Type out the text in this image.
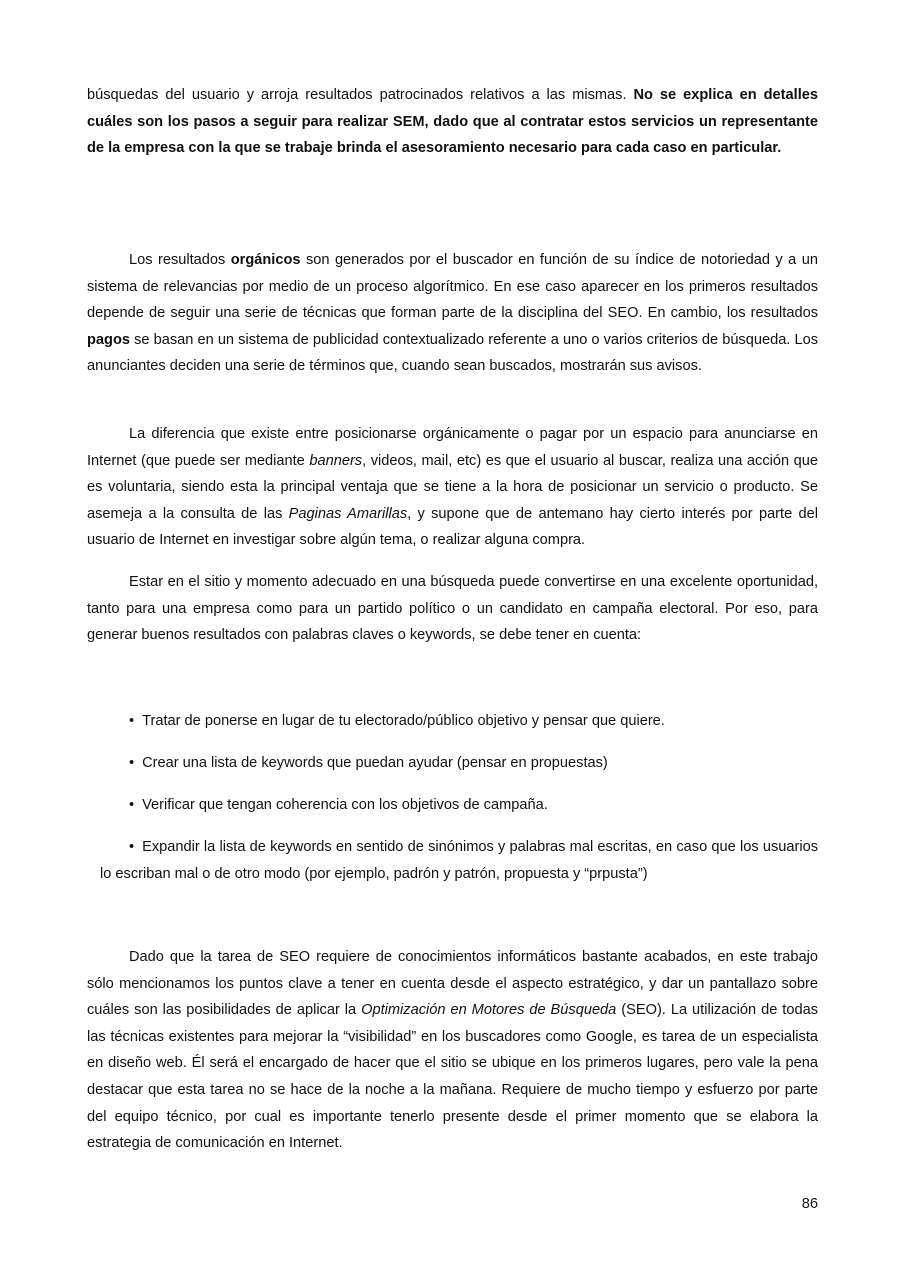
búsquedas del usuario y arroja resultados patrocinados relativos a las mismas. No se explica en detalles cuáles son los pasos a seguir para realizar SEM, dado que al contratar estos servicios un representante de la empresa con la que se trabaje brinda el asesoramiento necesario para cada caso en particular.

Los resultados orgánicos son generados por el buscador en función de su índice de notoriedad y a un sistema de relevancias por medio de un proceso algorítmico. En ese caso aparecer en los primeros resultados depende de seguir una serie de técnicas que forman parte de la disciplina del SEO. En cambio, los resultados pagos se basan en un sistema de publicidad contextualizado referente a uno o varios criterios de búsqueda. Los anunciantes deciden una serie de términos que, cuando sean buscados, mostrarán sus avisos.

La diferencia que existe entre posicionarse orgánicamente o pagar por un espacio para anunciarse en Internet (que puede ser mediante banners, videos, mail, etc) es que el usuario al buscar, realiza una acción que es voluntaria, siendo esta la principal ventaja que se tiene a la hora de posicionar un servicio o producto. Se asemeja a la consulta de las Paginas Amarillas, y supone que de antemano hay cierto interés por parte del usuario de Internet en investigar sobre algún tema, o realizar alguna compra.

Estar en el sitio y momento adecuado en una búsqueda puede convertirse en una excelente oportunidad, tanto para una empresa como para un partido político o un candidato en campaña electoral. Por eso, para generar buenos resultados con palabras claves o keywords, se debe tener en cuenta:

• Tratar de ponerse en lugar de tu electorado/público objetivo y pensar que quiere.
• Crear una lista de keywords que puedan ayudar (pensar en propuestas)
• Verificar que tengan coherencia con los objetivos de campaña.
• Expandir la lista de keywords en sentido de sinónimos y palabras mal escritas, en caso que los usuarios lo escriban mal o de otro modo (por ejemplo, padrón y patrón, propuesta y “prpusta”)

Dado que la tarea de SEO requiere de conocimientos informáticos bastante acabados, en este trabajo sólo mencionamos los puntos clave a tener en cuenta desde el aspecto estratégico, y dar un pantallazo sobre cuáles son las posibilidades de aplicar la Optimización en Motores de Búsqueda (SEO). La utilización de todas las técnicas existentes para mejorar la “visibilidad” en los buscadores como Google, es tarea de un especialista en diseño web. Él será el encargado de hacer que el sitio se ubique en los primeros lugares, pero vale la pena destacar que esta tarea no se hace de la noche a la mañana. Requiere de mucho tiempo y esfuerzo por parte del equipo técnico, por cual es importante tenerlo presente desde el primer momento que se elabora la estrategia de comunicación en Internet.

86
